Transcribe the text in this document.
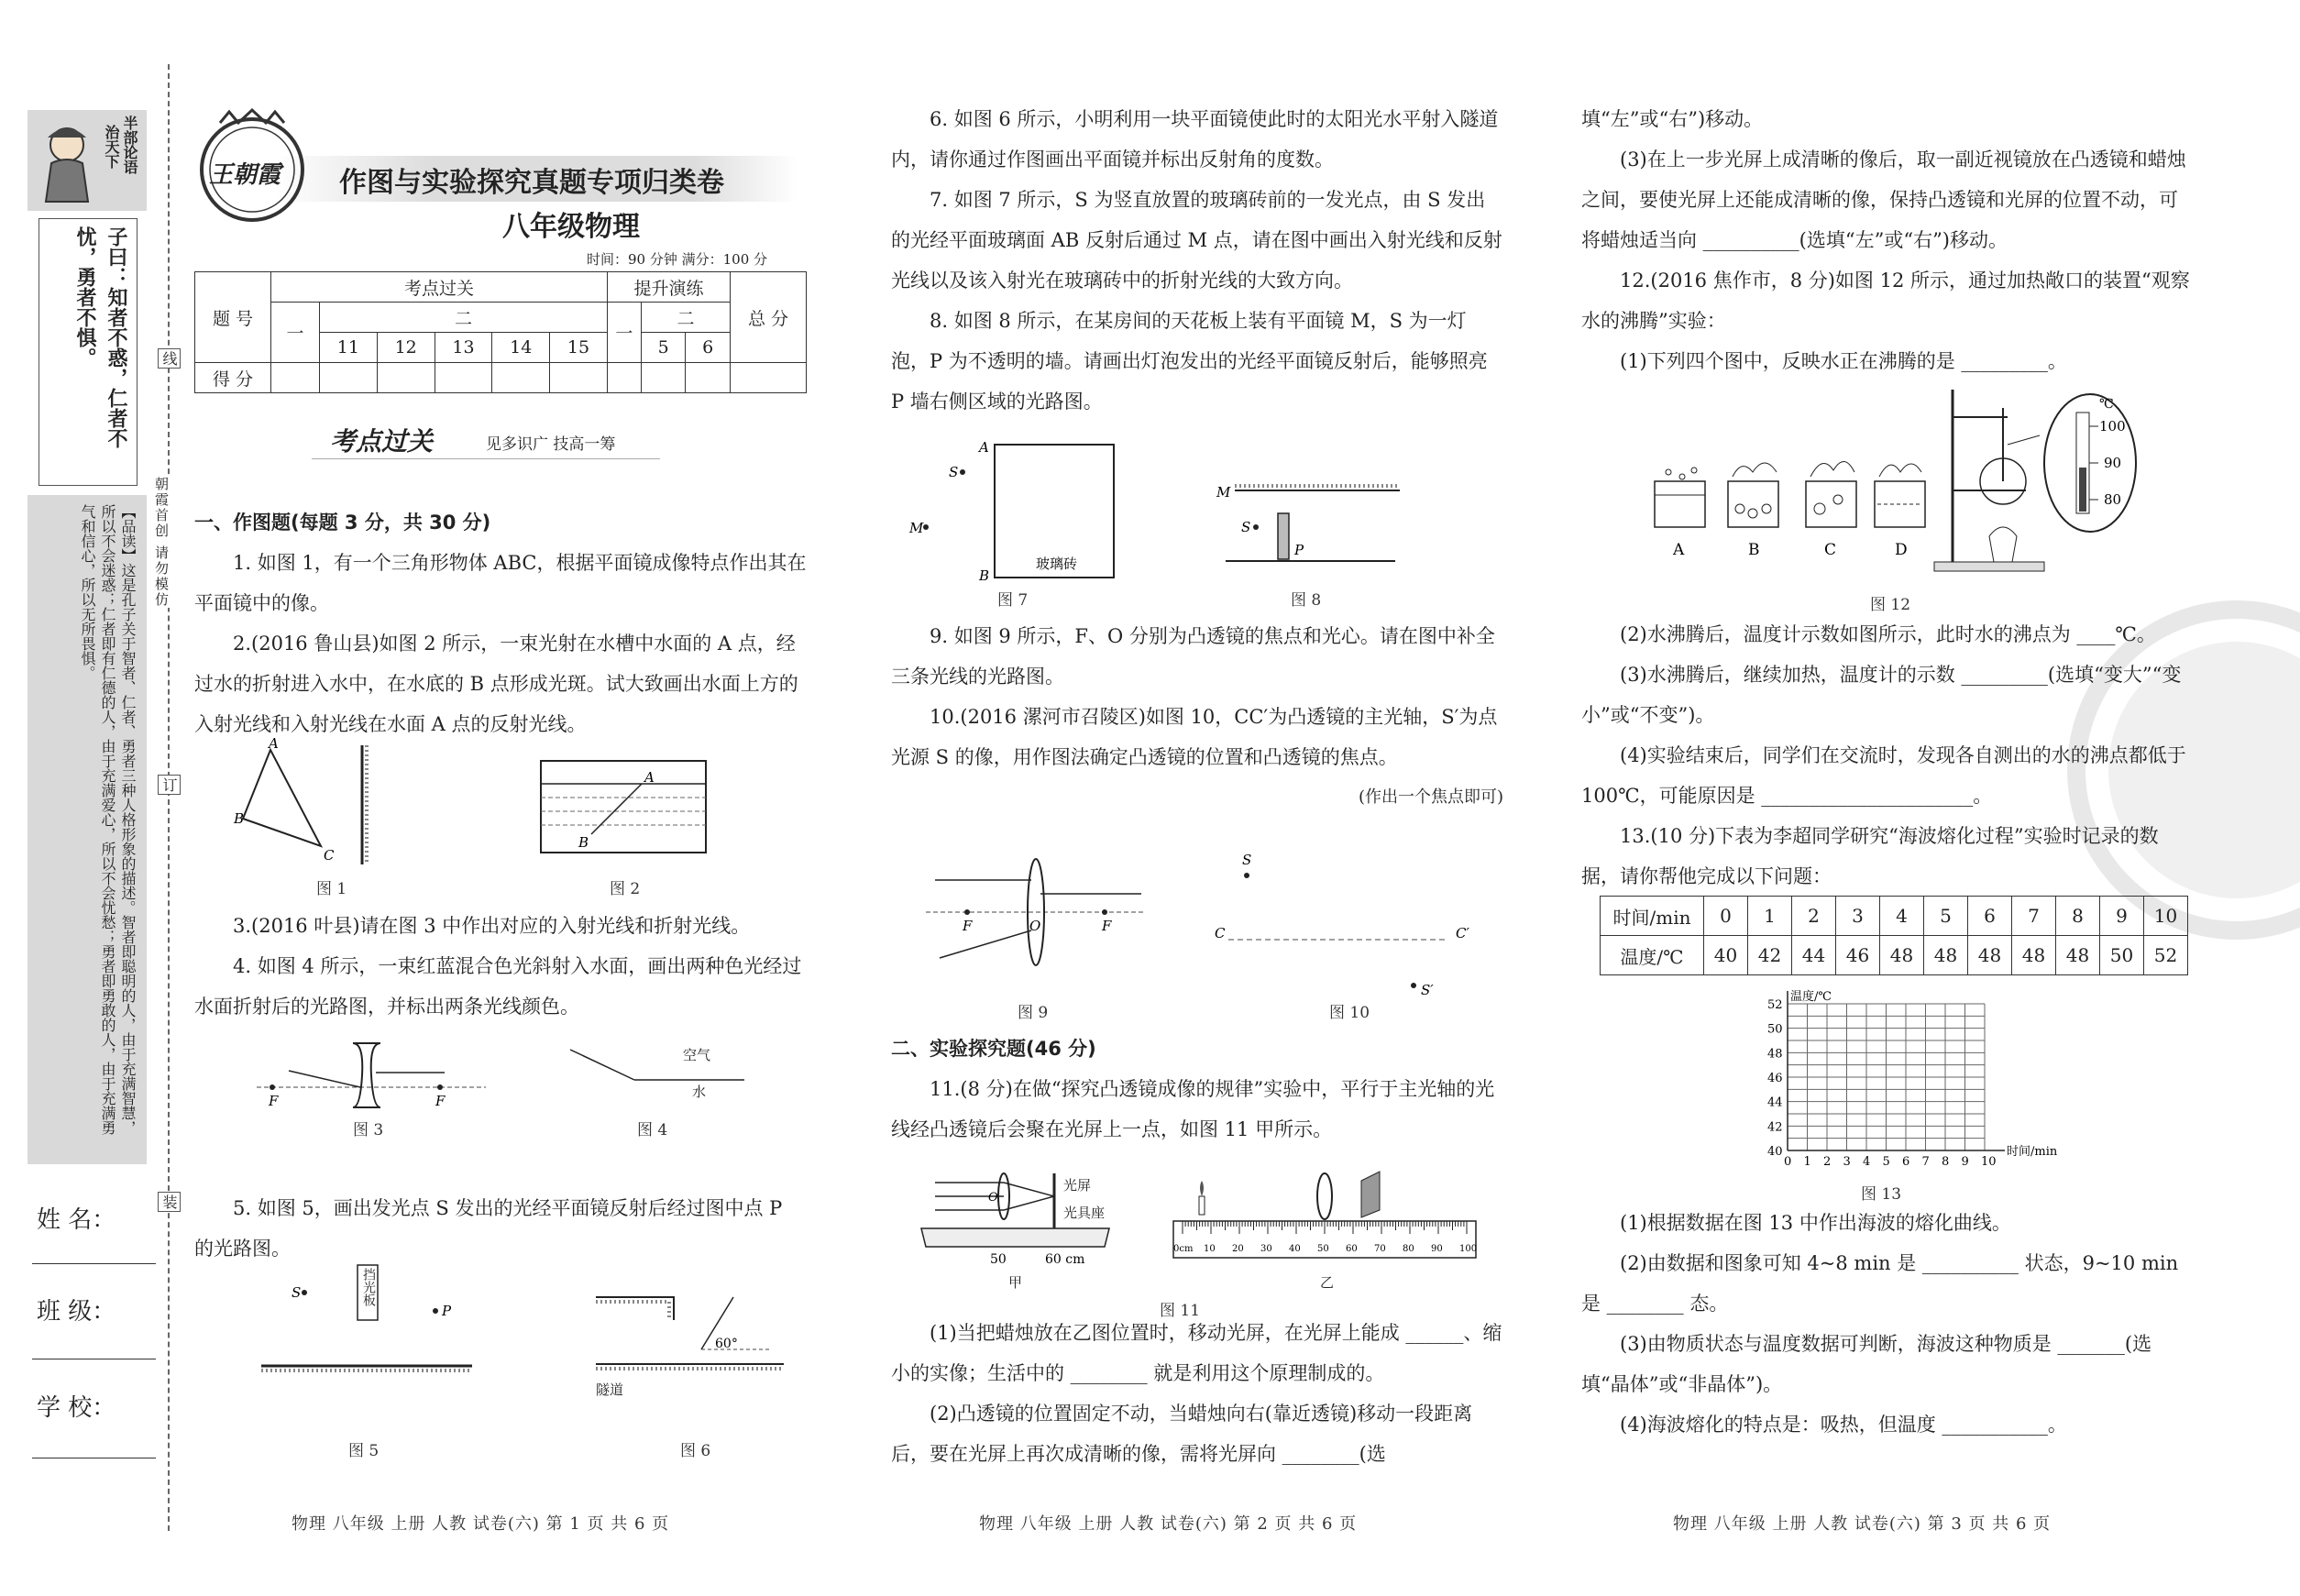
半部论语
治天下
子曰：知者不惑，仁者不忧，勇者不惧。
【品读】这是孔子关于智者、仁者、勇者三种人格形象的描述。智者即聪明的人，由于充满智慧，所以不会迷惑；仁者即有仁德的人，由于充满爱心，所以不会忧愁；勇者即勇敢的人，由于充满勇气和信心，所以无所畏惧。
姓 名：
班 级：
学 校：
线
朝霞首创 请勿模仿
订
装
王朝霞 作图与实验探究真题专项归类卷
八年级物理
时间：90 分钟 满分：100 分
题 号	考点过关						提升演练			总 分
	一	二					一	二		
		11	12	13	14	15		5	6	
得 分										
考点过关	见多识广 技高一筹

一、作图题(每题 3 分，共 30 分)

1. 如图 1，有一个三角形物体 ABC，根据平面镜成像特点作出其在平面镜中的像。

2.(2016 鲁山县)如图 2 所示，一束光射在水槽中水面的 A 点，经过水的折射进入水中，在水底的 B 点形成光斑。试大致画出水面上方的入射光线和入射光线在水面 A 点的反射光线。

A
B
C
图 1
A
B
图 2

3.(2016 叶县)请在图 3 中作出对应的入射光线和折射光线。

4. 如图 4 所示，一束红蓝混合色光斜射入水面，画出两种色光经过水面折射后的光路图，并标出两条光线颜色。

F	F
图 3
空气
水
图 4

5. 如图 5，画出发光点 S 发出的光经平面镜反射后经过图中点 P 的光路图。

S
P
挡光板
图 5
60°
隧道
图 6
物理 八年级 上册 人教 试卷(六) 第 1 页 共 6 页

6. 如图 6 所示，小明利用一块平面镜使此时的太阳光水平射入隧道内，请你通过作图画出平面镜并标出反射角的度数。

7. 如图 7 所示，S 为竖直放置的玻璃砖前的一发光点，由 S 发出的光经平面玻璃面 AB 反射后通过 M 点，请在图中画出入射光线和反射光线以及该入射光在玻璃砖中的折射光线的大致方向。

8. 如图 8 所示，在某房间的天花板上装有平面镜 M，S 为一灯泡，P 为不透明的墙。请画出灯泡发出的光经平面镜反射后，能够照亮 P 墙右侧区域的光路图。

S
M
A
B
玻璃砖
图 7
M
S
P
图 8

9. 如图 9 所示，F、O 分别为凸透镜的焦点和光心。请在图中补全三条光线的光路图。

10.(2016 漯河市召陵区)如图 10，CC′为凸透镜的主光轴，S′为点光源 S 的像，用作图法确定凸透镜的位置和凸透镜的焦点。

(作出一个焦点即可)

F	O	F
图 9
S
C	C′
S′
图 10

二、实验探究题(46 分)

11.(8 分)在做“探究凸透镜成像的规律”实验中，平行于主光轴的光线经凸透镜后会聚在光屏上一点，如图 11 甲所示。

O
50	60 cm
光屏
光具座
甲
0cm 10 20 30 40 50 60 70 80 90 100
乙
图 11

(1)当把蜡烛放在乙图位置时，移动光屏，在光屏上能成 ______、缩小的实像；生活中的 ________ 就是利用这个原理制成的。

(2)凸透镜的位置固定不动，当蜡烛向右(靠近透镜)移动一段距离后，要在光屏上再次成清晰的像，需将光屏向 ________(选

物理 八年级 上册 人教 试卷(六) 第 2 页 共 6 页

填“左”或“右”)移动。

(3)在上一步光屏上成清晰的像后，取一副近视镜放在凸透镜和蜡烛之间，要使光屏上还能成清晰的像，保持凸透镜和光屏的位置不动，可将蜡烛适当向 __________(选填“左”或“右”)移动。

12.(2016 焦作市，8 分)如图 12 所示，通过加热敞口的装置“观察水的沸腾”实验：

(1)下列四个图中，反映水正在沸腾的是 _________。

A	B	C	D
℃
100
90
80
图 12

(2)水沸腾后，温度计示数如图所示，此时水的沸点为 ____℃。

(3)水沸腾后，继续加热，温度计的示数 _________(选填“变大”“变小”或“不变”)。

(4)实验结束后，同学们在交流时，发现各自测出的水的沸点都低于 100℃，可能原因是 ______________________。

13.(10 分)下表为李超同学研究“海波熔化过程”实验时记录的数据，请你帮他完成以下问题：

时间/min	0	1	2	3	4	5	6	7	8	9	10
温度/℃	40	42	44	46	48	48	48	48	48	50	52
0 1 2 3 4 5 6 7 8 9 10
40
42
44
46
48
50
52
温度/℃
时间/min
图 13

(1)根据数据在图 13 中作出海波的熔化曲线。

(2)由数据和图象可知 4~8 min 是 __________ 状态，9~10 min 是 ________ 态。

(3)由物质状态与温度数据可判断，海波这种物质是 _______(选填“晶体”或“非晶体”)。

(4)海波熔化的特点是：吸热，但温度 ___________。

物理 八年级 上册 人教 试卷(六) 第 3 页 共 6 页
